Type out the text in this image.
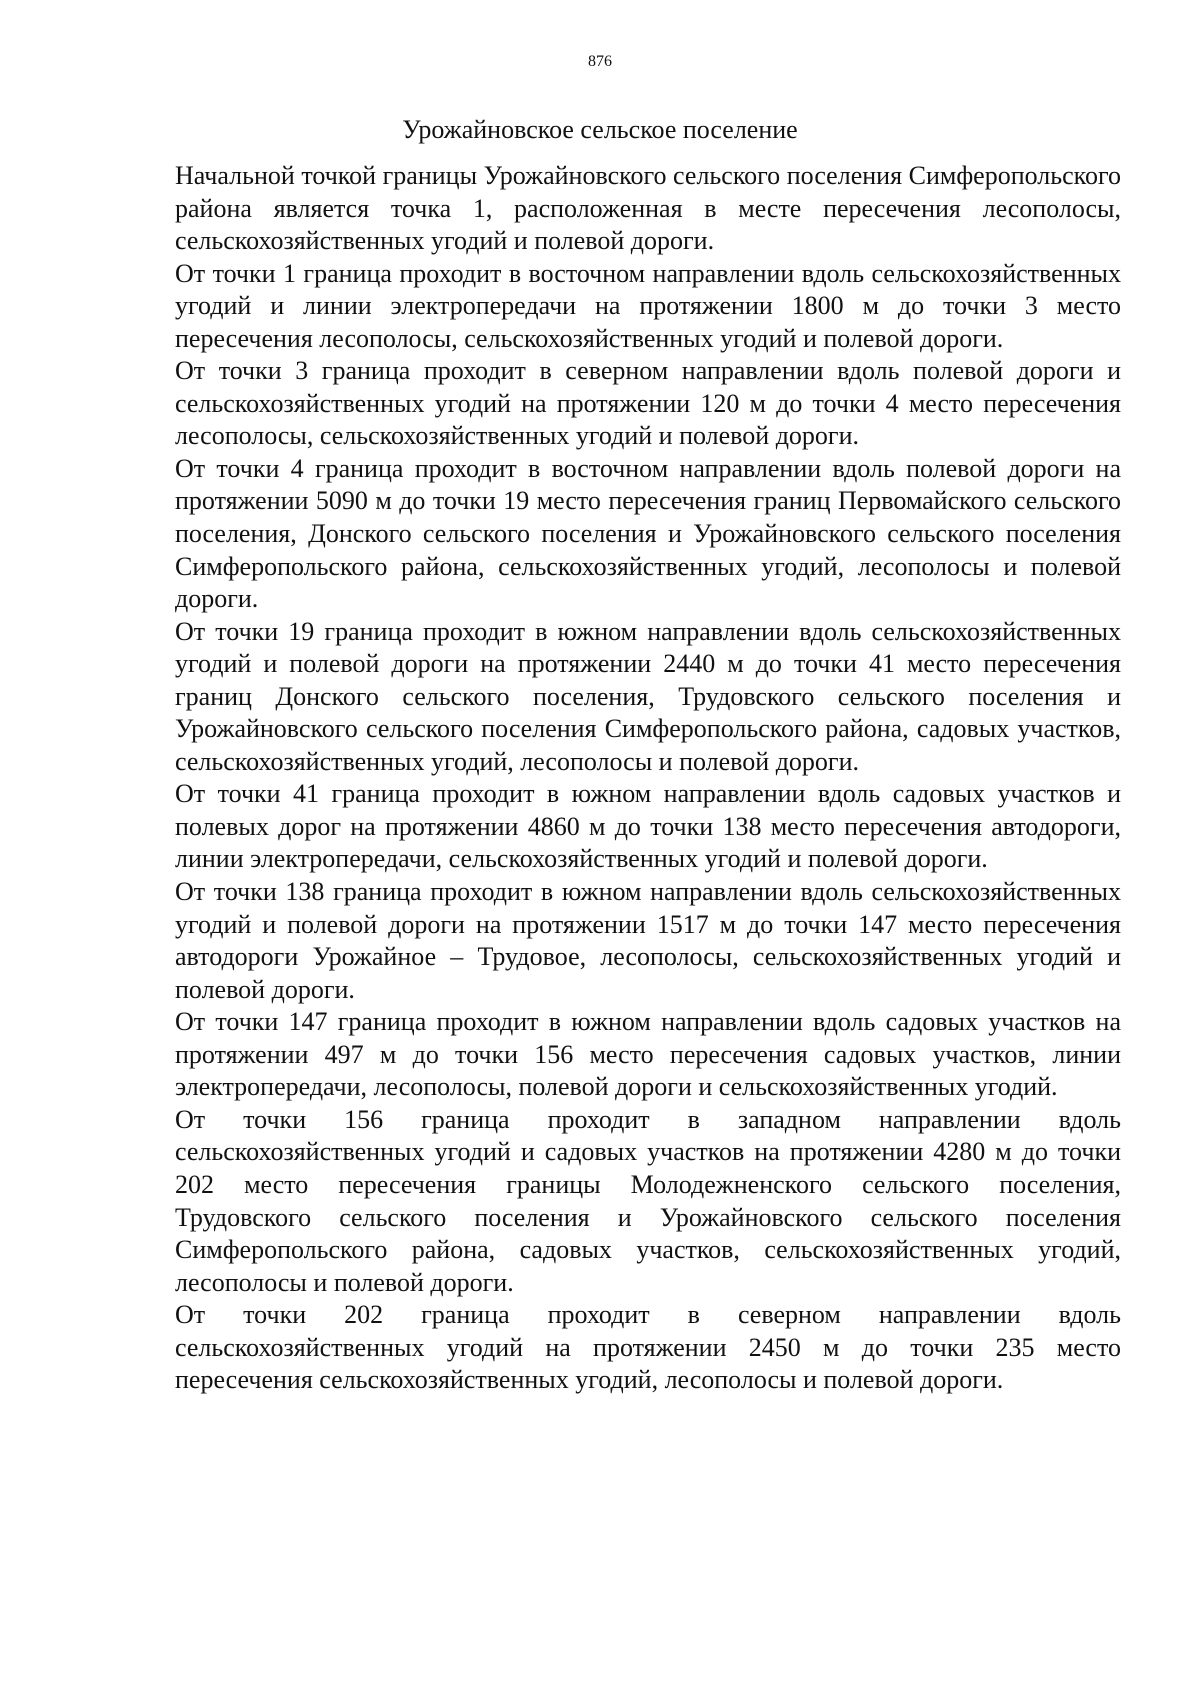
876

Урожайновское сельское поселение

Начальной точкой границы Урожайновского сельского поселения Симферопольского района является точка 1, расположенная в месте пересечения лесополосы, сельскохозяйственных угодий и полевой дороги.

От точки 1 граница проходит в восточном направлении вдоль сельскохозяйственных угодий и линии электропередачи на протяжении 1800 м до точки 3 место пересечения лесополосы, сельскохозяйственных угодий и полевой дороги.

От точки 3 граница проходит в северном направлении вдоль полевой дороги и сельскохозяйственных угодий на протяжении 120 м до точки 4 место пересечения лесополосы, сельскохозяйственных угодий и полевой дороги.

От точки 4 граница проходит в восточном направлении вдоль полевой дороги на протяжении 5090 м до точки 19 место пересечения границ Первомайского сельского поселения, Донского сельского поселения и Урожайновского сельского поселения Симферопольского района, сельскохозяйственных угодий, лесополосы и полевой дороги.

От точки 19 граница проходит в южном направлении вдоль сельскохозяйственных угодий и полевой дороги на протяжении 2440 м до точки 41 место пересечения границ Донского сельского поселения, Трудовского сельского поселения и Урожайновского сельского поселения Симферопольского района, садовых участков, сельскохозяйственных угодий, лесополосы и полевой дороги.

От точки 41 граница проходит в южном направлении вдоль садовых участков и полевых дорог на протяжении 4860 м до точки 138 место пересечения автодороги, линии электропередачи, сельскохозяйственных угодий и полевой дороги.

От точки 138 граница проходит в южном направлении вдоль сельскохозяйственных угодий и полевой дороги на протяжении 1517 м до точки 147 место пересечения автодороги Урожайное – Трудовое, лесополосы, сельскохозяйственных угодий и полевой дороги.

От точки 147 граница проходит в южном направлении вдоль садовых участков на протяжении 497 м до точки 156 место пересечения садовых участков, линии электропередачи, лесополосы, полевой дороги и сельскохозяйственных угодий.

От точки 156 граница проходит в западном направлении вдоль сельскохозяйственных угодий и садовых участков на протяжении 4280 м до точки 202 место пересечения границы Молодежненского сельского поселения, Трудовского сельского поселения и Урожайновского сельского поселения Симферопольского района, садовых участков, сельскохозяйственных угодий, лесополосы и полевой дороги.

От точки 202 граница проходит в северном направлении вдоль сельскохозяйственных угодий на протяжении 2450 м до точки 235 место пересечения сельскохозяйственных угодий, лесополосы и полевой дороги.
